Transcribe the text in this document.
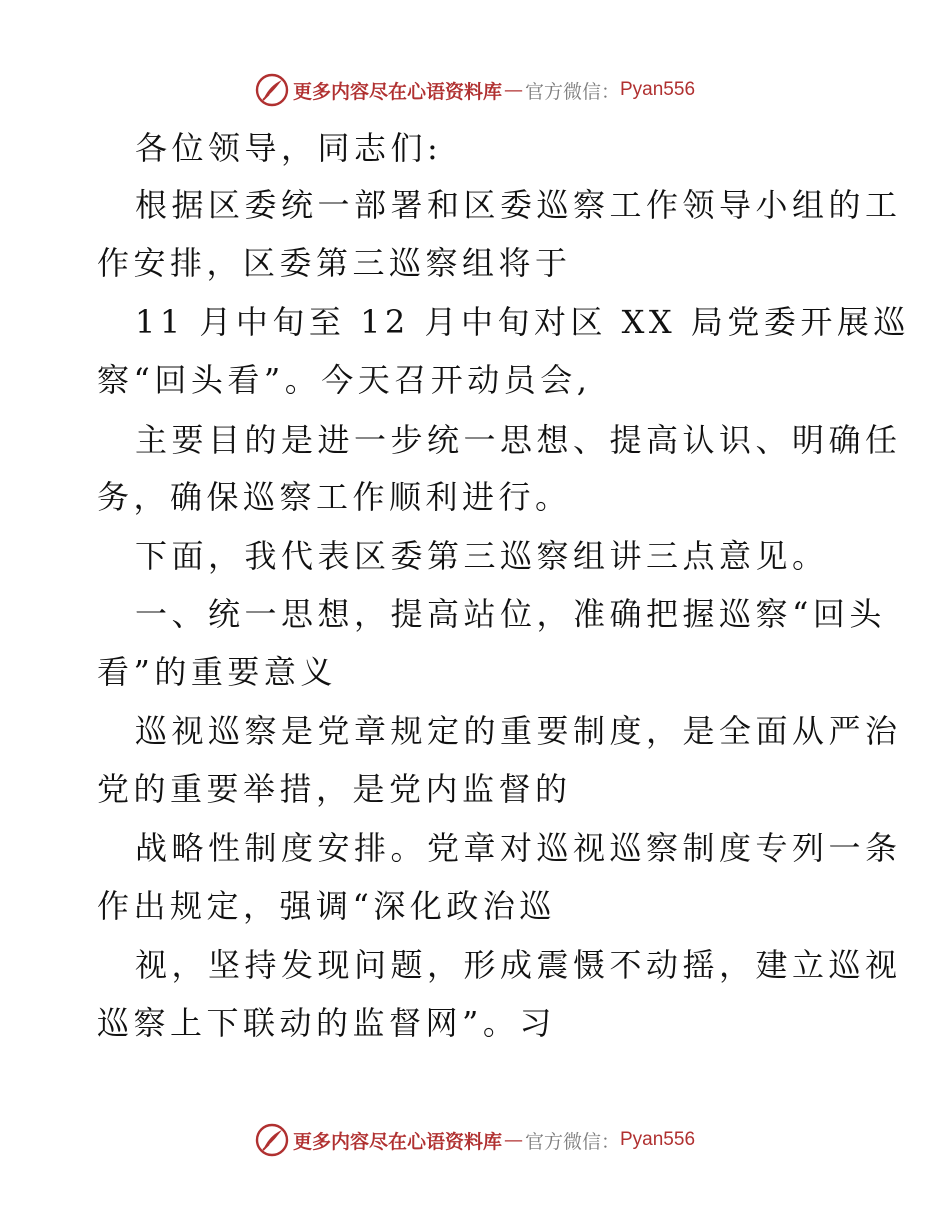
更多内容尽在心语资料库 — 官方微信： Pyan556
各位领导，同志们:
根据区委统一部署和区委巡察工作领导小组的工
作安排，区委第三巡察组将于
11 月中旬至 12 月中旬对区 XX 局党委开展巡
察“回头看”。今天召开动员会,
主要目的是进一步统一思想、提高认识、明确任
务，确保巡察工作顺利进行。
下面，我代表区委第三巡察组讲三点意见。
一、统一思想，提高站位，准确把握巡察“回头
看”的重要意义
巡视巡察是党章规定的重要制度，是全面从严治
党的重要举措，是党内监督的
战略性制度安排。党章对巡视巡察制度专列一条
作出规定，强调“深化政治巡
视，坚持发现问题，形成震慑不动摇，建立巡视
巡察上下联动的监督网”。习
更多内容尽在心语资料库 — 官方微信： Pyan556
